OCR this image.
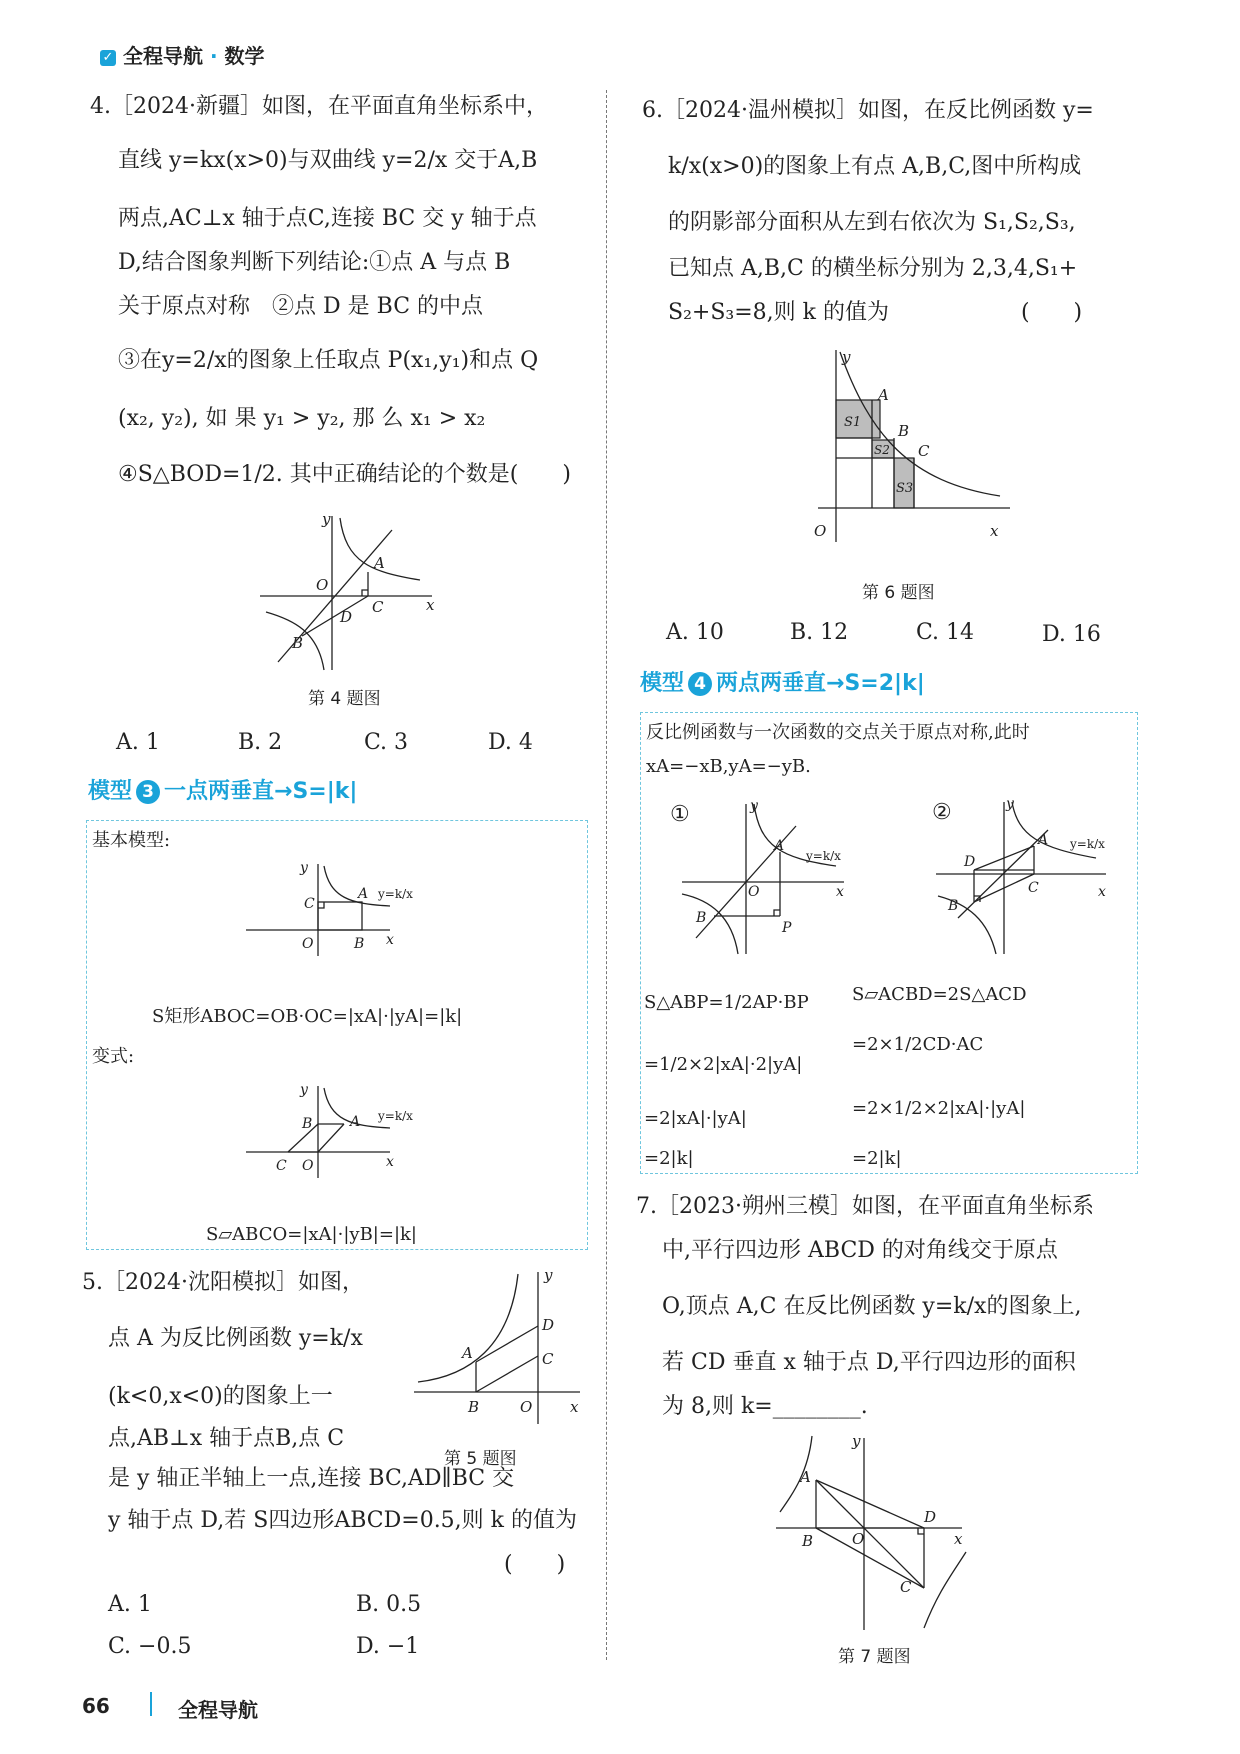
✓ 全程导航 · 数学
4.［2024·新疆］如图，在平面直角坐标系中，
直线 y=kx(x>0)与双曲线 y=2/x 交于A,B
两点,AC⊥x 轴于点C,连接 BC 交 y 轴于点
D,结合图象判断下列结论:①点 A 与点 B
关于原点对称　②点 D 是 BC 的中点
③在y=2/x的图象上任取点 P(x₁,y₁)和点 Q
(x₂, y₂), 如 果 y₁ > y₂, 那 么 x₁ > x₂
④S△BOD=1/2. 其中正确结论的个数是(　　)
y
x
O
A
B
C
D
第 4 题图
A. 1	B. 2	C. 3	D. 4
模型 3 一点两垂直→S=|k|
基本模型:
y
x
O
A
B
C
y=k/x
S矩形ABOC=OB·OC=|xA|·|yA|=|k|
变式:
y
x
O
A
B
C
y=k/x
S▱ABCO=|xA|·|yB|=|k|
5.［2024·沈阳模拟］如图，
点 A 为反比例函数 y=k/x
(k<0,x<0)的图象上一
点,AB⊥x 轴于点B,点 C
是 y 轴正半轴上一点,连接 BC,AD∥BC 交
y 轴于点 D,若 S四边形ABCD=0.5,则 k 的值为
(　　)
y
x
O
A
B
C
D
第 5 题图
A. 1	B. 0.5
C. −0.5	D. −1
6.［2024·温州模拟］如图，在反比例函数 y=
k/x(x>0)的图象上有点 A,B,C,图中所构成
的阴影部分面积从左到右依次为 S₁,S₂,S₃,
已知点 A,B,C 的横坐标分别为 2,3,4,S₁+
S₂+S₃=8,则 k 的值为　　　　　　(　　)
y
x
O
A
B
C
S1
S2
S3
第 6 题图
A. 10	B. 12	C. 14	D. 16
模型 4 两点两垂直→S=2|k|
反比例函数与一次函数的交点关于原点对称,此时
xA=−xB,yA=−yB.
①	②
y
x
O
A
B
P
y=k/x
y
x
A
B
C
D
y=k/x
S△ABP=1/2AP·BP
=1/2×2|xA|·2|yA|
=2|xA|·|yA|
=2|k|
S▱ACBD=2S△ACD
=2×1/2CD·AC
=2×1/2×2|xA|·|yA|
=2|k|
7.［2023·朔州三模］如图，在平面直角坐标系
中,平行四边形 ABCD 的对角线交于原点
O,顶点 A,C 在反比例函数 y=k/x的图象上,
若 CD 垂直 x 轴于点 D,平行四边形的面积
为 8,则 k=________.
y
x
O
A
B
C
D
第 7 题图
66	全程导航
